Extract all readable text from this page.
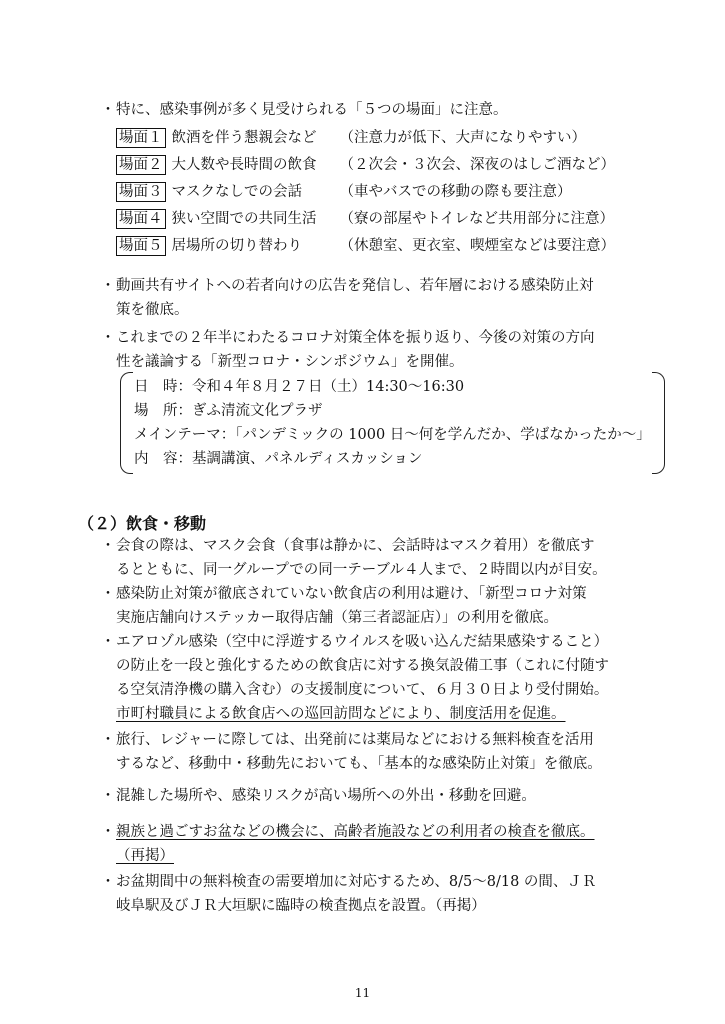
・ 特に、感染事例が多く見受けられる「５つの場面」に注意。
場面１ 飲酒を伴う懇親会など （注意力が低下、大声になりやすい）
場面２ 大人数や長時間の飲食 （２次会・３次会、深夜のはしご酒など）
場面３ マスクなしでの会話	（車やバスでの移動の際も要注意）
場面４ 狭い空間での共同生活 （寮の部屋やトイレなど共用部分に注意）
場面５ 居場所の切り替わり	（休憩室、更衣室、喫煙室などは要注意）
・ 動画共有サイトへの若者向けの広告を発信し、若年層における感染防止対
策を徹底。
・ これまでの２年半にわたるコロナ対策全体を振り返り、今後の対策の方向
性を議論する「新型コロナ・シンポジウム」を開催。
日　時：令和４年８月２７日（土）14:30～16:30
場　所：ぎふ清流文化プラザ
メインテーマ：「パンデミックの 1000 日～何を学んだか、学ばなかったか～」
内　容：基調講演、パネルディスカッション
（２）飲食・移動
・ 会食の際は、マスク会食（食事は静かに、会話時はマスク着用）を徹底す
るとともに、同一グループでの同一テーブル４人まで、２時間以内が目安。
・ 感染防止対策が徹底されていない飲食店の利用は避け、「新型コロナ対策
実施店舗向けステッカー取得店舗（第三者認証店）」の利用を徹底。
・ エアロゾル感染（空中に浮遊するウイルスを吸い込んだ結果感染すること）
の防止を一段と強化するための飲食店に対する換気設備工事（これに付随す
る空気清浄機の購入含む）の支援制度について、６月３０日より受付開始。
市町村職員による飲食店への巡回訪問などにより、制度活用を促進。
・ 旅行、レジャーに際しては、出発前には薬局などにおける無料検査を活用
するなど、移動中・移動先においても、「基本的な感染防止対策」を徹底。
・ 混雑した場所や、感染リスクが高い場所への外出・移動を回避。
・ 親族と過ごすお盆などの機会に、高齢者施設などの利用者の検査を徹底。
（再掲）
・ お盆期間中の無料検査の需要増加に対応するため、8/5～8/18 の間、ＪＲ
岐阜駅及びＪＲ大垣駅に臨時の検査拠点を設置。（再掲）
11
